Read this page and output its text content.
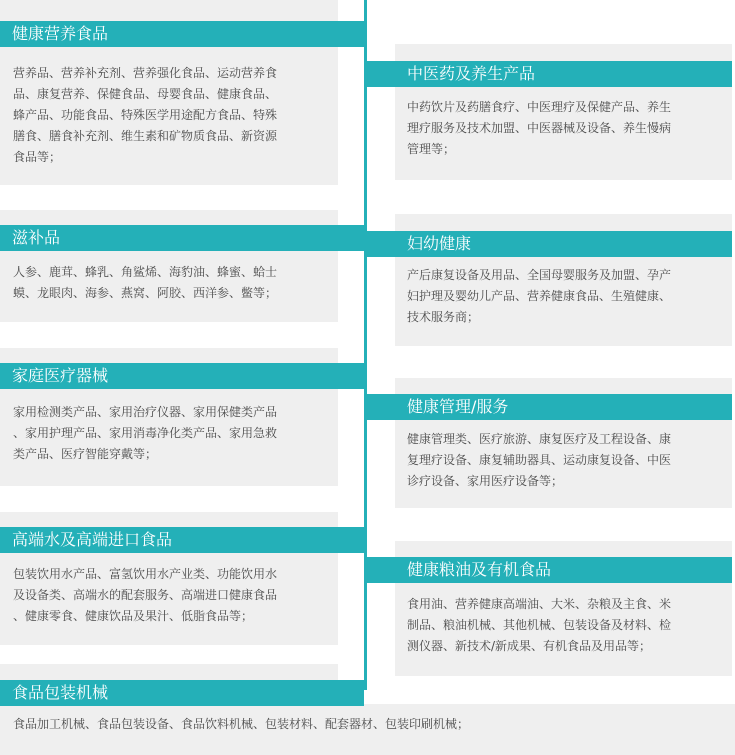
健康营养食品
营养品、营养补充剂、营养强化食品、运动营养食
品、康复营养、保健食品、母婴食品、健康食品、
蜂产品、功能食品、特殊医学用途配方食品、特殊
膳食、膳食补充剂、维生素和矿物质食品、新资源
食品等；
中医药及养生产品
中药饮片及药膳食疗、中医理疗及保健产品、养生
理疗服务及技术加盟、中医器械及设备、养生慢病
管理等；
滋补品
人参、鹿茸、蜂乳、角鲨烯、海豹油、蜂蜜、蛤士
蟆、龙眼肉、海参、燕窝、阿胶、西洋参、鳖等；
妇幼健康
产后康复设备及用品、全国母婴服务及加盟、孕产
妇护理及婴幼儿产品、营养健康食品、生殖健康、
技术服务商；
家庭医疗器械
家用检测类产品、家用治疗仪器、家用保健类产品
、家用护理产品、家用消毒净化类产品、家用急救
类产品、医疗智能穿戴等；
健康管理/服务
健康管理类、医疗旅游、康复医疗及工程设备、康
复理疗设备、康复辅助器具、运动康复设备、中医
诊疗设备、家用医疗设备等；
高端水及高端进口食品
包装饮用水产品、富氢饮用水产业类、功能饮用水
及设备类、高端水的配套服务、高端进口健康食品
、健康零食、健康饮品及果汁、低脂食品等；
健康粮油及有机食品
食用油、营养健康高端油、大米、杂粮及主食、米
制品、粮油机械、其他机械、包装设备及材料、检
测仪器、新技术/新成果、有机食品及用品等；
食品包装机械
食品加工机械、食品包装设备、食品饮料机械、包装材料、配套器材、包装印刷机械；
